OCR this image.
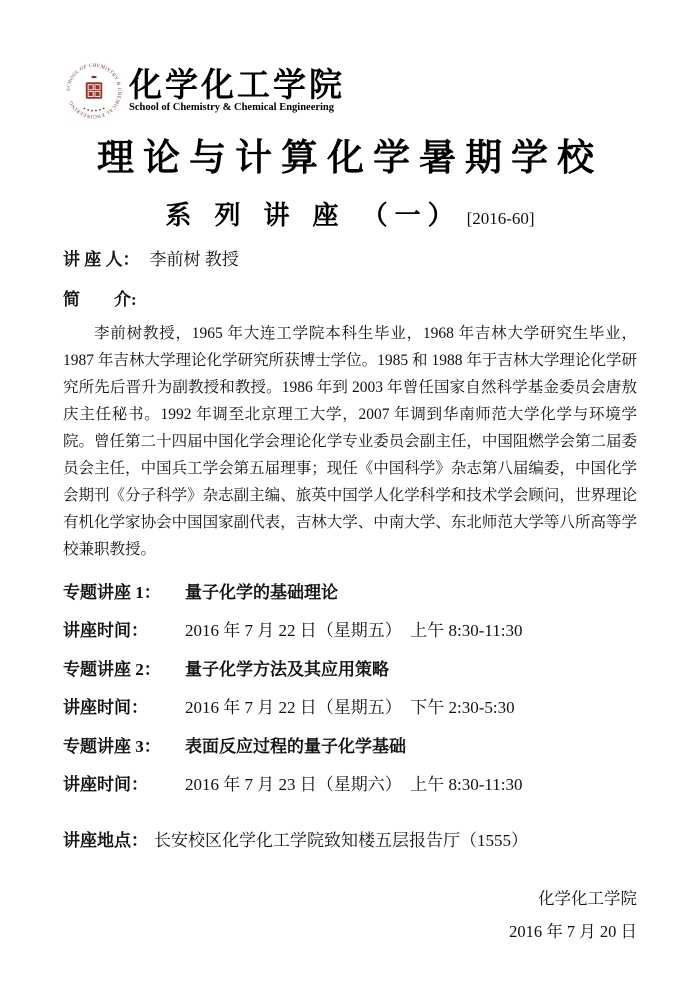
SCHOOL OF CHEMISTRY & CHEMICAL ENGINEERING	化学化工学院
School of Chemistry & Chemical Engineering
理论与计算化学暑期学校
系 列 讲 座 （一） [2016-60]
讲 座 人： 李前树 教授
简　　介:

李前树教授，1965 年大连工学院本科生毕业，1968 年吉林大学研究生毕业，1987 年吉林大学理论化学研究所获博士学位。1985 和 1988 年于吉林大学理论化学研究所先后晋升为副教授和教授。1986 年到 2003 年曾任国家自然科学基金委员会唐敖庆主任秘书。1992 年调至北京理工大学，2007 年调到华南师范大学化学与环境学院。曾任第二十四届中国化学会理论化学专业委员会副主任，中国阻燃学会第二届委员会主任，中国兵工学会第五届理事；现任《中国科学》杂志第八届编委，中国化学会期刊《分子科学》杂志副主编、旅英中国学人化学科学和技术学会顾问，世界理论有机化学家协会中国国家副代表，吉林大学、中南大学、东北师范大学等八所高等学校兼职教授。

专题讲座 1：	量子化学的基础理论
讲座时间：	2016 年 7 月 22 日（星期五）  上午 8:30-11:30
专题讲座 2：	量子化学方法及其应用策略
讲座时间：	2016 年 7 月 22 日（星期五）  下午 2:30-5:30
专题讲座 3：	表面反应过程的量子化学基础
讲座时间：	2016 年 7 月 23 日（星期六）  上午 8:30-11:30
讲座地点： 长安校区化学化工学院致知楼五层报告厅（1555）
化学化工学院
2016 年 7 月 20 日
